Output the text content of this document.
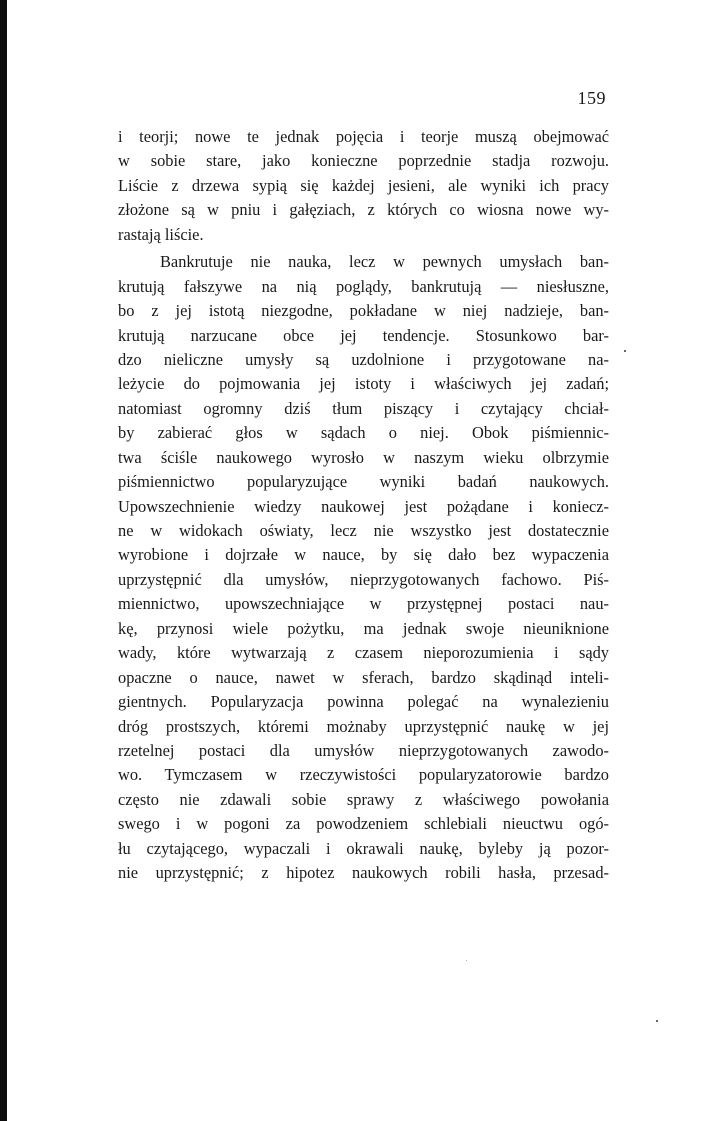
159

i teorji; nowe te jednak pojęcia i teorje muszą obejmować
w sobie stare, jako konieczne poprzednie stadja rozwoju.
Liście z drzewa sypią się każdej jesieni, ale wyniki ich pracy
złożone są w pniu i gałęziach, z których co wiosna nowe wy-
rastają liście.

Bankrutuje nie nauka, lecz w pewnych umysłach ban-
krutują fałszywe na nią poglądy, bankrutują — niesłuszne,
bo z jej istotą niezgodne, pokładane w niej nadzieje, ban-
krutują narzucane obce jej tendencje. Stosunkowo bar-
dzo nieliczne umysły są uzdolnione i przygotowane na-
leżycie do pojmowania jej istoty i właściwych jej zadań;
natomiast ogromny dziś tłum piszący i czytający chciał-
by zabierać głos w sądach o niej. Obok piśmiennic-
twa ściśle naukowego wyrosło w naszym wieku olbrzymie
piśmiennictwo popularyzujące wyniki badań naukowych.
Upowszechnienie wiedzy naukowej jest pożądane i koniecz-
ne w widokach oświaty, lecz nie wszystko jest dostatecznie
wyrobione i dojrzałe w nauce, by się dało bez wypaczenia
uprzystępnić dla umysłów, nieprzygotowanych fachowo. Piś-
miennictwo, upowszechniające w przystępnej postaci nau-
kę, przynosi wiele pożytku, ma jednak swoje nieuniknione
wady, które wytwarzają z czasem nieporozumienia i sądy
opaczne o nauce, nawet w sferach, bardzo skądinąd inteli-
gientnych. Popularyzacja powinna polegać na wynalezieniu
dróg prostszych, któremi możnaby uprzystępnić naukę w jej
rzetelnej postaci dla umysłów nieprzygotowanych zawodo-
wo. Tymczasem w rzeczywistości popularyzatorowie bardzo
często nie zdawali sobie sprawy z właściwego powołania
swego i w pogoni za powodzeniem schlebiali nieuctwu ogó-
łu czytającego, wypaczali i okrawali naukę, byleby ją pozor-
nie uprzystępnić; z hipotez naukowych robili hasła, przesad-
